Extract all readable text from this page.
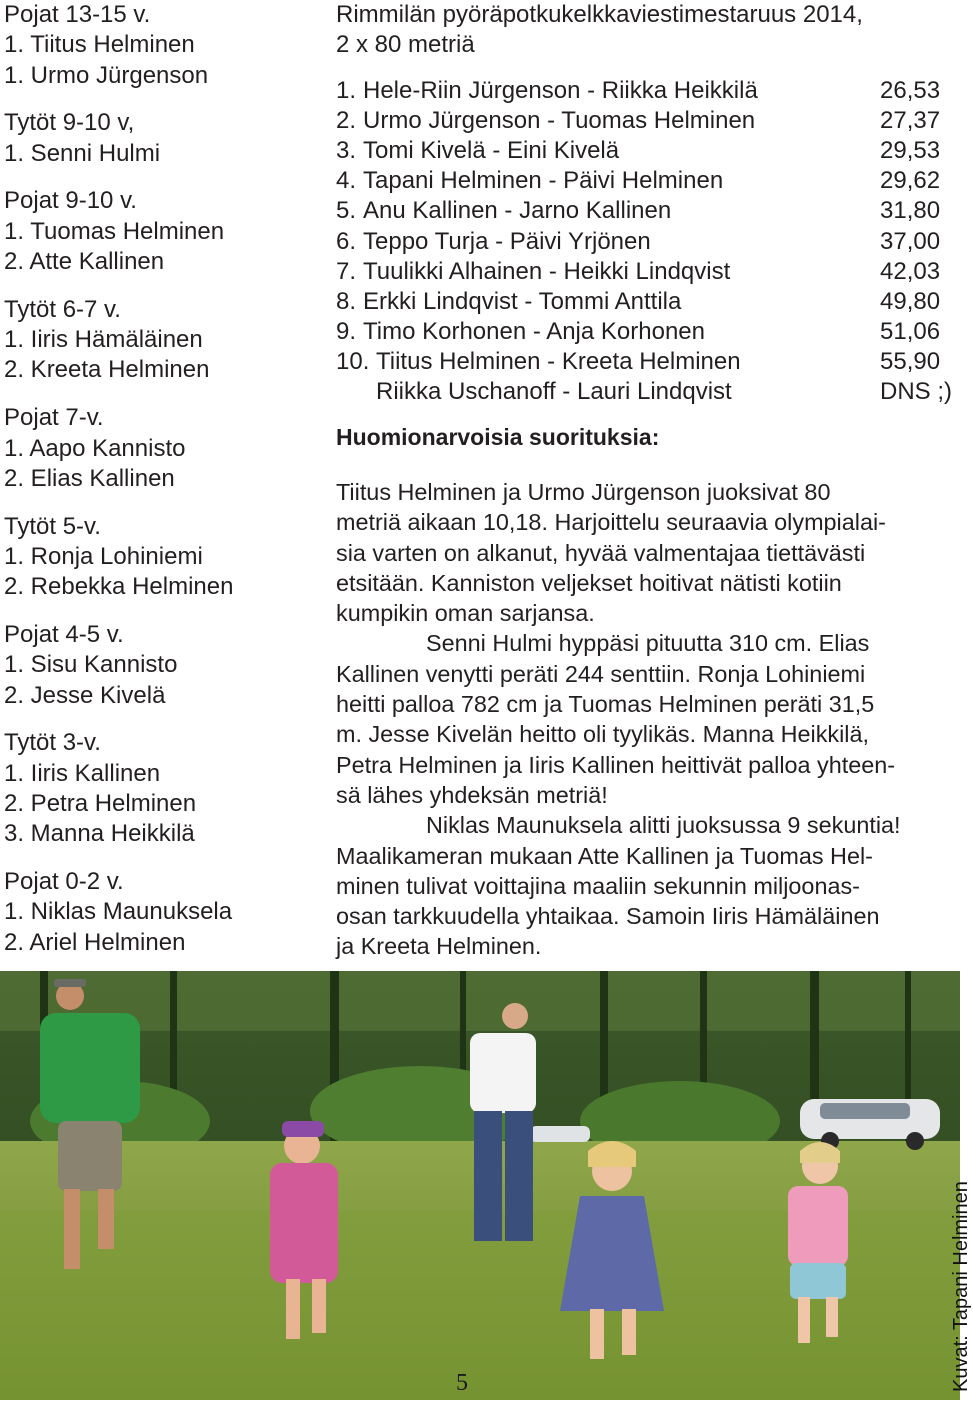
Pojat 13-15 v.
1. Tiitus Helminen
1. Urmo Jürgenson
Tytöt 9-10 v,
1. Senni Hulmi
Pojat 9-10 v.
1. Tuomas Helminen
2. Atte Kallinen
Tytöt 6-7 v.
1. Iiris Hämäläinen
2. Kreeta Helminen
Pojat 7-v.
1. Aapo Kannisto
2. Elias Kallinen
Tytöt 5-v.
1. Ronja Lohiniemi
2. Rebekka Helminen
Pojat 4-5 v.
1. Sisu Kannisto
2. Jesse Kivelä
Tytöt 3-v.
1. Iiris Kallinen
2. Petra Helminen
3. Manna Heikkilä
Pojat 0-2 v.
1. Niklas Maunuksela
2. Ariel Helminen
Rimmilän pyöräpotkukelkkaviestimestaruus 2014,
2 x 80 metriä
1. Hele-Riin Jürgenson - Riikka Heikkilä	26,53
2. Urmo Jürgenson - Tuomas Helminen	27,37
3. Tomi Kivelä - Eini Kivelä	29,53
4. Tapani Helminen - Päivi Helminen	29,62
5. Anu Kallinen - Jarno Kallinen	31,80
6. Teppo Turja - Päivi Yrjönen	37,00
7. Tuulikki Alhainen - Heikki Lindqvist	42,03
8. Erkki Lindqvist - Tommi Anttila	49,80
9. Timo Korhonen - Anja Korhonen	51,06
10. Tiitus Helminen - Kreeta Helminen	55,90
Riikka Uschanoff - Lauri Lindqvist	DNS ;)
Huomionarvoisia suorituksia:
Tiitus Helminen ja Urmo Jürgenson juoksivat 80
metriä aikaan 10,18. Harjoittelu seuraavia olympialai-
sia varten on alkanut, hyvää valmentajaa tiettävästi
etsitään. Kanniston veljekset hoitivat nätisti kotiin
kumpikin oman sarjansa.
Senni Hulmi hyppäsi pituutta 310 cm. Elias
Kallinen venytti peräti 244 senttiin. Ronja Lohiniemi
heitti palloa 782 cm ja Tuomas Helminen peräti 31,5
m. Jesse Kivelän heitto oli tyylikäs. Manna Heikkilä,
Petra Helminen ja Iiris Kallinen heittivät palloa yhteen-
sä lähes yhdeksän metriä!
Niklas Maunuksela alitti juoksussa 9 sekuntia!
Maalikameran mukaan Atte Kallinen ja Tuomas Hel-
minen tulivat voittajina maaliin sekunnin miljoonas-
osan tarkkuudella yhtaikaa. Samoin Iiris Hämäläinen
ja Kreeta Helminen.
5	Kuvat: Tapani Helminen
